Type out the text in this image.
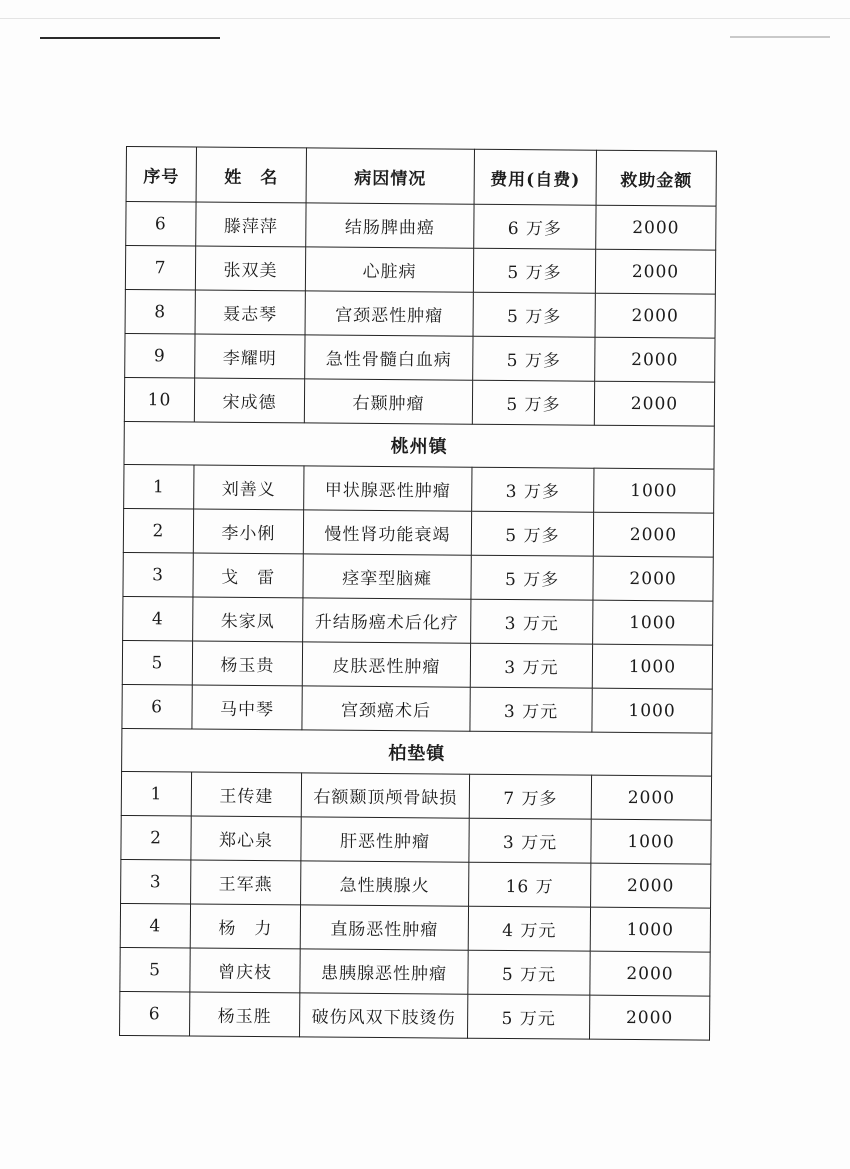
序号	姓　名	病因情况	费用(自费)	救助金额
6	滕萍萍	结肠脾曲癌	6 万多	2000
7	张双美	心脏病	5 万多	2000
8	聂志琴	宫颈恶性肿瘤	5 万多	2000
9	李耀明	急性骨髓白血病	5 万多	2000
10	宋成德	右颞肿瘤	5 万多	2000
桃州镇				
1	刘善义	甲状腺恶性肿瘤	3 万多	1000
2	李小俐	慢性肾功能衰竭	5 万多	2000
3	戈　雷	痉挛型脑瘫	5 万多	2000
4	朱家凤	升结肠癌术后化疗	3 万元	1000
5	杨玉贵	皮肤恶性肿瘤	3 万元	1000
6	马中琴	宫颈癌术后	3 万元	1000
柏垫镇				
1	王传建	右额颞顶颅骨缺损	7 万多	2000
2	郑心泉	肝恶性肿瘤	3 万元	1000
3	王军燕	急性胰腺火	16 万	2000
4	杨　力	直肠恶性肿瘤	4 万元	1000
5	曾庆枝	患胰腺恶性肿瘤	5 万元	2000
6	杨玉胜	破伤风双下肢烫伤	5 万元	2000
